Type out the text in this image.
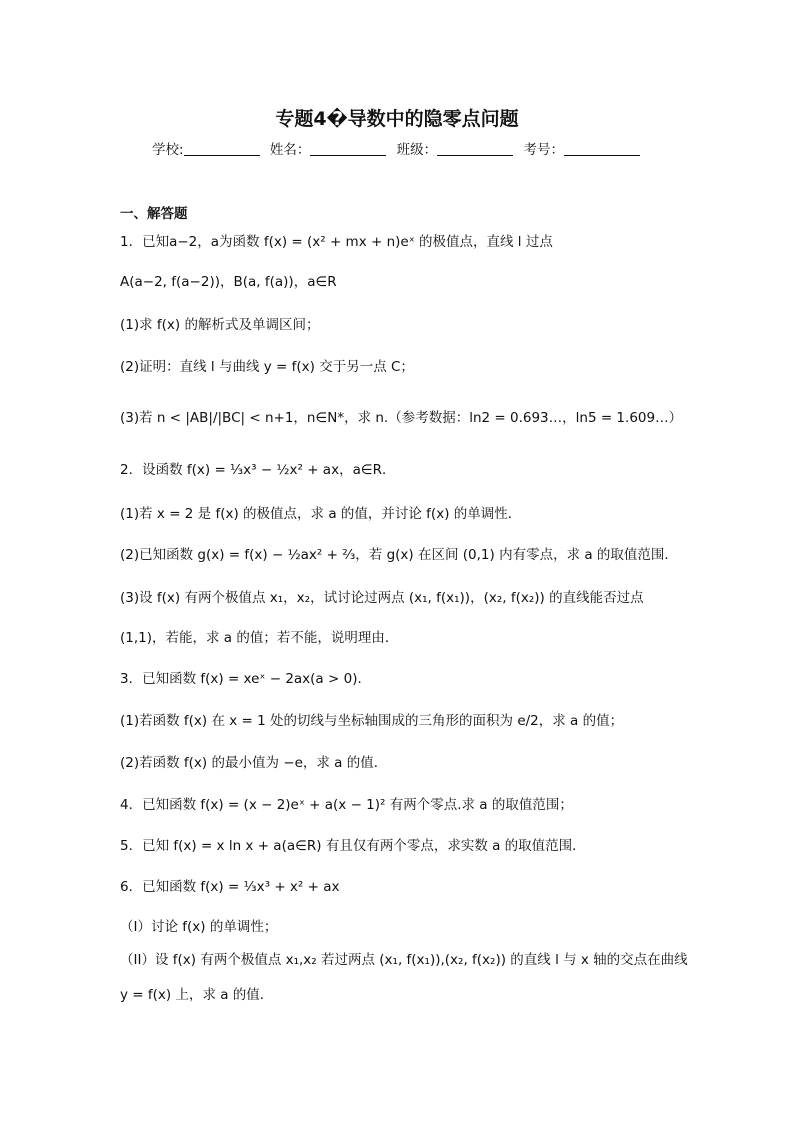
专题4�导数中的隐零点问题
学校:	姓名：	班级：	考号：
一、解答题
1．已知a−2，a为函数 f(x) = (x² + mx + n)eˣ 的极值点，直线 l 过点
A(a−2, f(a−2))，B(a, f(a))，a∈R
(1)求 f(x) 的解析式及单调区间；
(2)证明：直线 l 与曲线 y = f(x) 交于另一点 C；
(3)若 n < |AB|/|BC| < n+1，n∈N*，求 n.（参考数据：ln2 = 0.693…，ln5 = 1.609…）
2．设函数 f(x) = ⅓x³ − ½x² + ax，a∈R．
(1)若 x = 2 是 f(x) 的极值点，求 a 的值，并讨论 f(x) 的单调性．
(2)已知函数 g(x) = f(x) − ½ax² + ⅔，若 g(x) 在区间 (0,1) 内有零点，求 a 的取值范围．
(3)设 f(x) 有两个极值点 x₁，x₂，试讨论过两点 (x₁, f(x₁))，(x₂, f(x₂)) 的直线能否过点
(1,1)，若能，求 a 的值；若不能，说明理由．
3．已知函数 f(x) = xeˣ − 2ax(a > 0)．
(1)若函数 f(x) 在 x = 1 处的切线与坐标轴围成的三角形的面积为 e/2，求 a 的值；
(2)若函数 f(x) 的最小值为 −e，求 a 的值．
4．已知函数 f(x) = (x − 2)eˣ + a(x − 1)² 有两个零点.求 a 的取值范围；
5．已知 f(x) = x ln x + a(a∈R) 有且仅有两个零点，求实数 a 的取值范围．
6．已知函数 f(x) = ⅓x³ + x² + ax
（I）讨论 f(x) 的单调性；
（II）设 f(x) 有两个极值点 x₁,x₂ 若过两点 (x₁, f(x₁)),(x₂, f(x₂)) 的直线 l 与 x 轴的交点在曲线
y = f(x) 上，求 a 的值．
